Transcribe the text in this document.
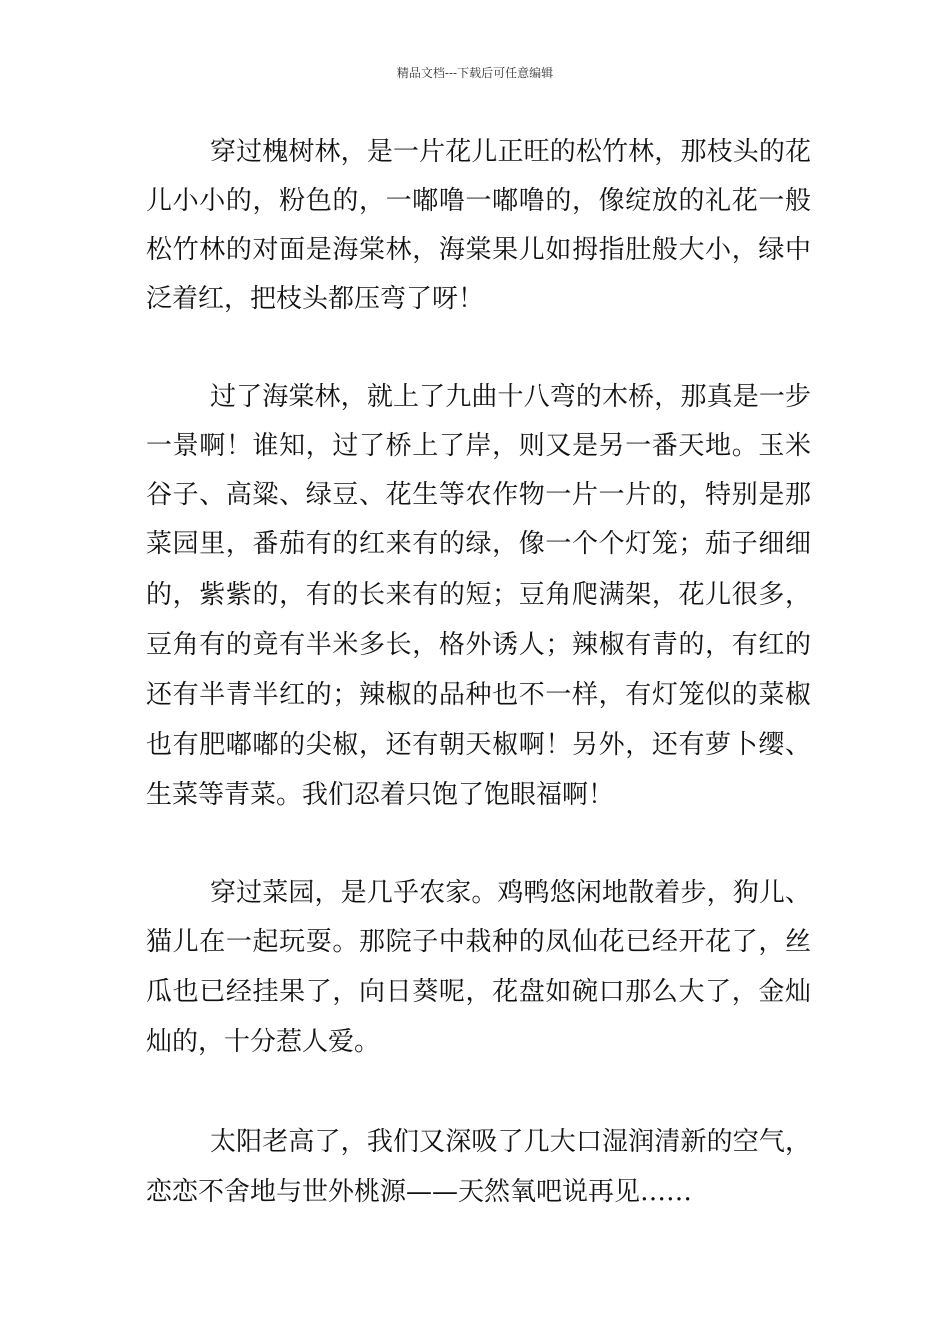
精品文档---下载后可任意编辑
穿过槐树林，是一片花儿正旺的松竹林，那枝头的花
儿小小的，粉色的，一嘟噜一嘟噜的，像绽放的礼花一般
松竹林的对面是海棠林，海棠果儿如拇指肚般大小，绿中
泛着红，把枝头都压弯了呀！
过了海棠林，就上了九曲十八弯的木桥，那真是一步
一景啊！谁知，过了桥上了岸，则又是另一番天地。玉米
谷子、高粱、绿豆、花生等农作物一片一片的，特别是那
菜园里，番茄有的红来有的绿，像一个个灯笼；茄子细细
的，紫紫的，有的长来有的短；豆角爬满架，花儿很多，
豆角有的竟有半米多长，格外诱人；辣椒有青的，有红的
还有半青半红的；辣椒的品种也不一样，有灯笼似的菜椒
也有肥嘟嘟的尖椒，还有朝天椒啊！另外，还有萝卜缨、
生菜等青菜。我们忍着只饱了饱眼福啊！
穿过菜园，是几乎农家。鸡鸭悠闲地散着步，狗儿、
猫儿在一起玩耍。那院子中栽种的凤仙花已经开花了，丝
瓜也已经挂果了，向日葵呢，花盘如碗口那么大了，金灿
灿的，十分惹人爱。
太阳老高了，我们又深吸了几大口湿润清新的空气，
恋恋不舍地与世外桃源——天然氧吧说再见……
